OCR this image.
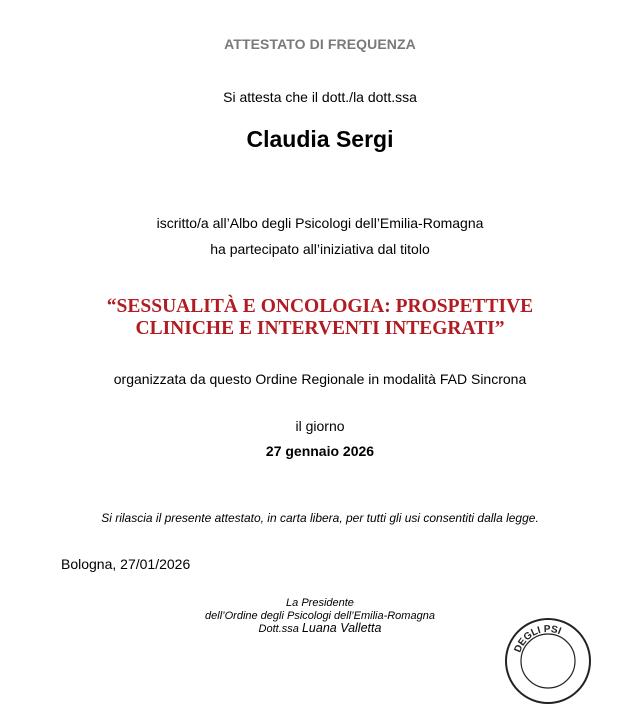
ATTESTATO DI FREQUENZA
Si attesta che il dott./la dott.ssa
Claudia Sergi
iscritto/a all’Albo degli Psicologi dell’Emilia-Romagna
ha partecipato all’iniziativa dal titolo
“SESSUALITÀ E ONCOLOGIA: PROSPETTIVE
CLINICHE E INTERVENTI INTEGRATI”
organizzata da questo Ordine Regionale in modalità FAD Sincrona
il giorno
27 gennaio 2026
Si rilascia il presente attestato, in carta libera, per tutti gli usi consentiti dalla legge.
Bologna, 27/01/2026
La Presidente
dell’Ordine degli Psicologi dell’Emilia-Romagna
Dott.ssa Luana Valletta
DEGLI PSI
